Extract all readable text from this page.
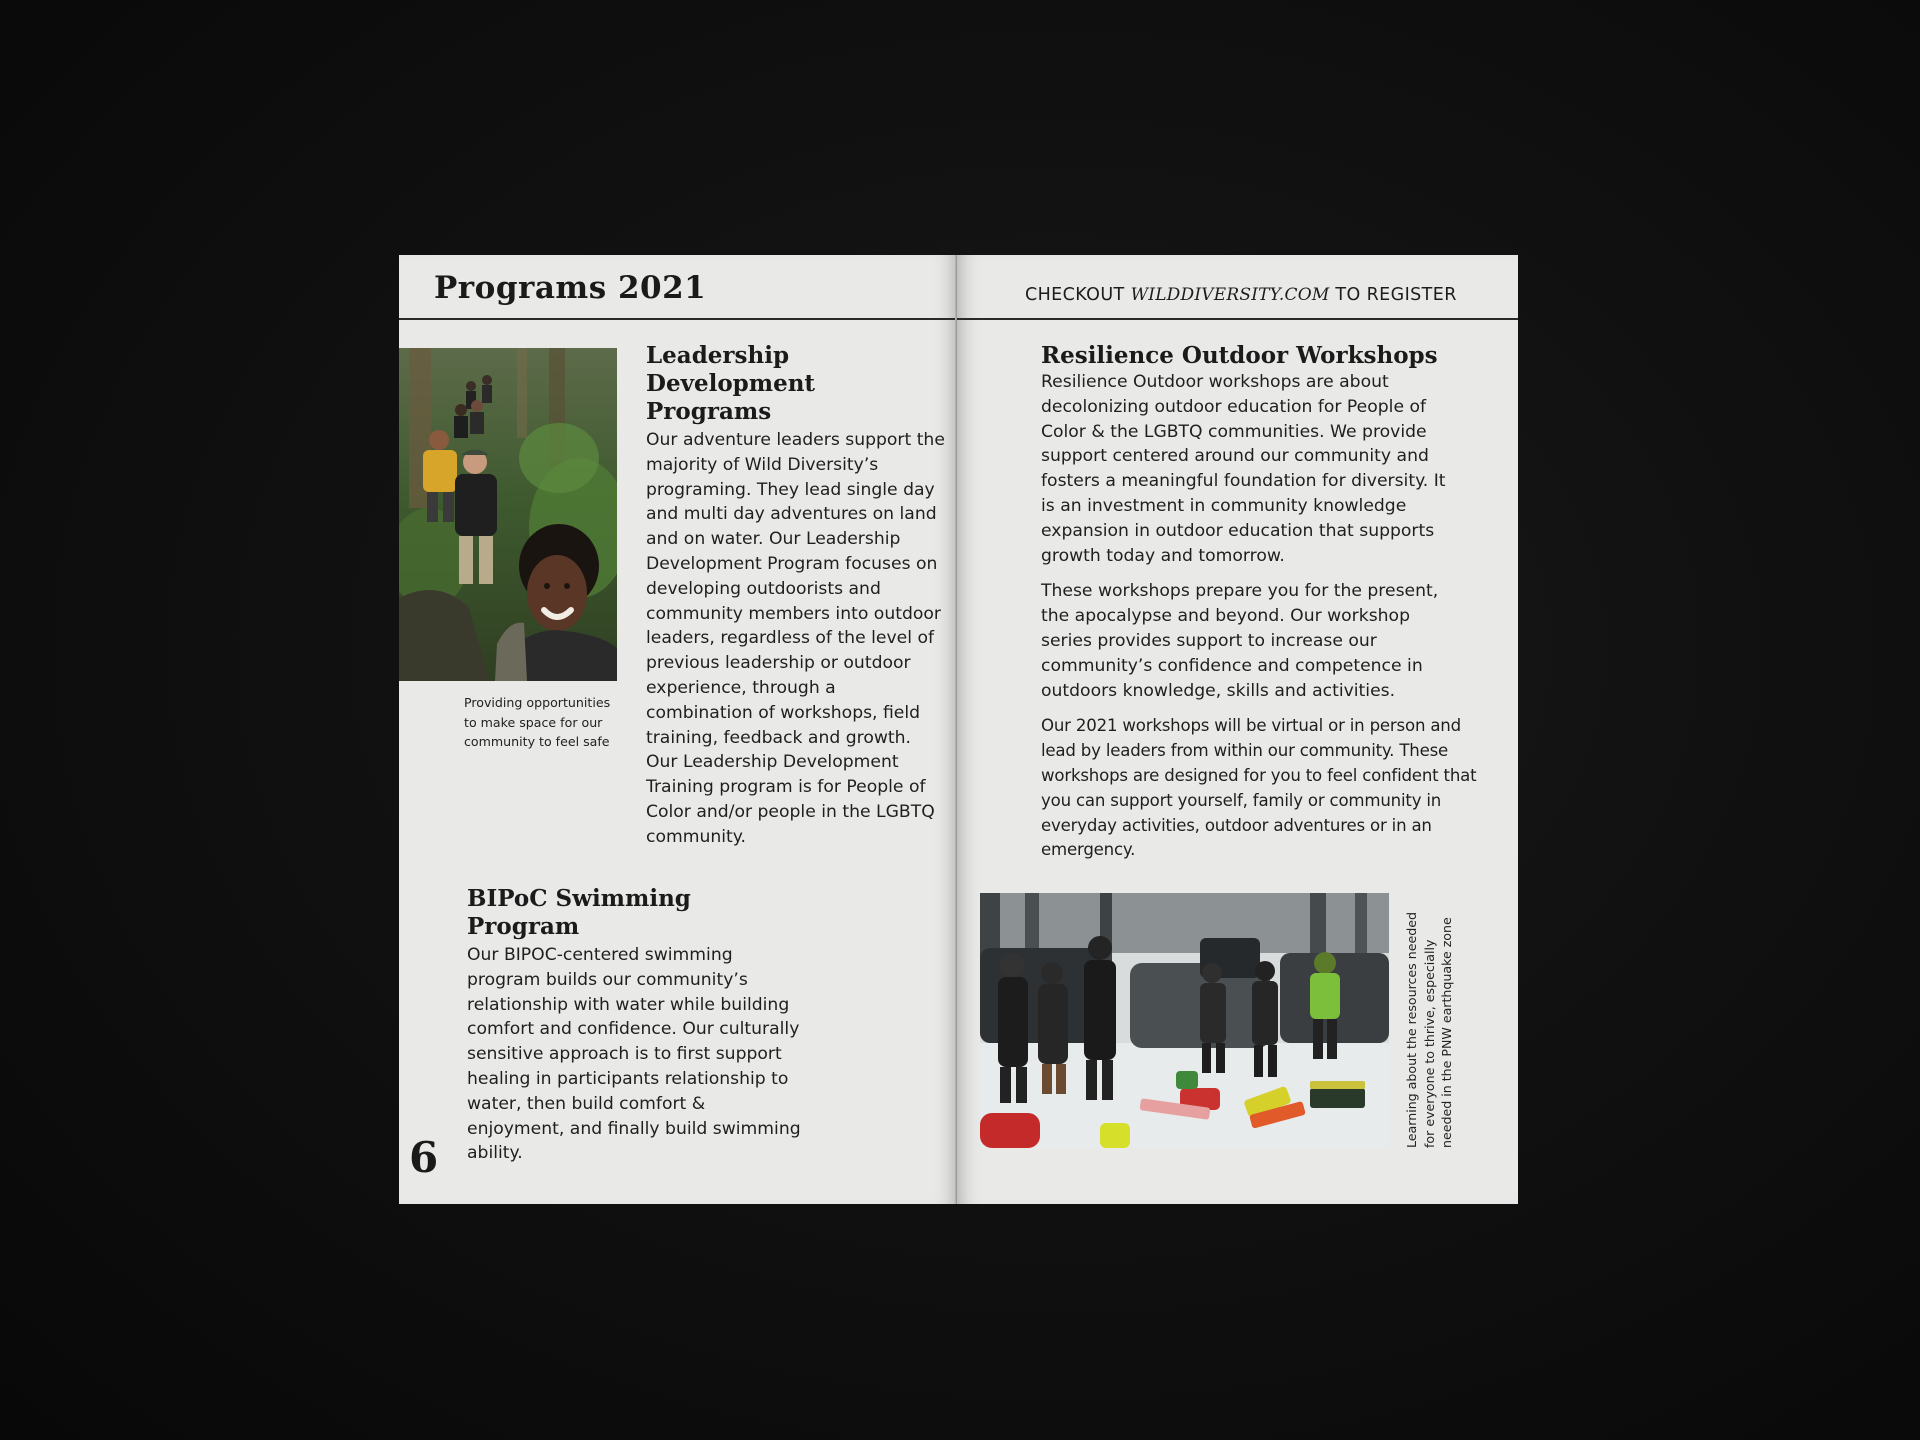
Programs 2021

Providing opportunities to make space for our community to feel safe

Leadership Development Programs

Our adventure leaders support the majority of Wild Diversity’s programing. They lead single day and multi day adventures on land and on water. Our Leadership Development Program focuses on developing outdoorists and community members into outdoor leaders, regardless of the level of previous leadership or outdoor experience, through a combination of workshops, field training, feedback and growth. Our Leadership Development Training program is for People of Color and/or people in the LGBTQ community.

BIPoC Swimming Program

Our BIPOC-centered swimming program builds our community’s relationship with water while building comfort and confidence. Our culturally sensitive approach is to first support healing in participants relationship to water, then build comfort & enjoyment, and finally build swimming ability.

6
CHECKOUT WILDDIVERSITY.COM TO REGISTER
Resilience Outdoor Workshops

Resilience Outdoor workshops are about decolonizing outdoor education for People of Color & the LGBTQ communities. We provide support centered around our community and fosters a meaningful foundation for diversity. It is an investment in community knowledge expansion in outdoor education that supports growth today and tomorrow.

These workshops prepare you for the present, the apocalypse and beyond. Our workshop series provides support to increase our community’s confidence and competence in outdoors knowledge, skills and activities.

Our 2021 workshops will be virtual or in person and lead by leaders from within our community. These workshops are designed for you to feel confident that you can support yourself, family or community in everyday activities, outdoor adventures or in an emergency.

Learning about the resources needed for everyone to thrive, especially needed in the PNW earthquake zone
